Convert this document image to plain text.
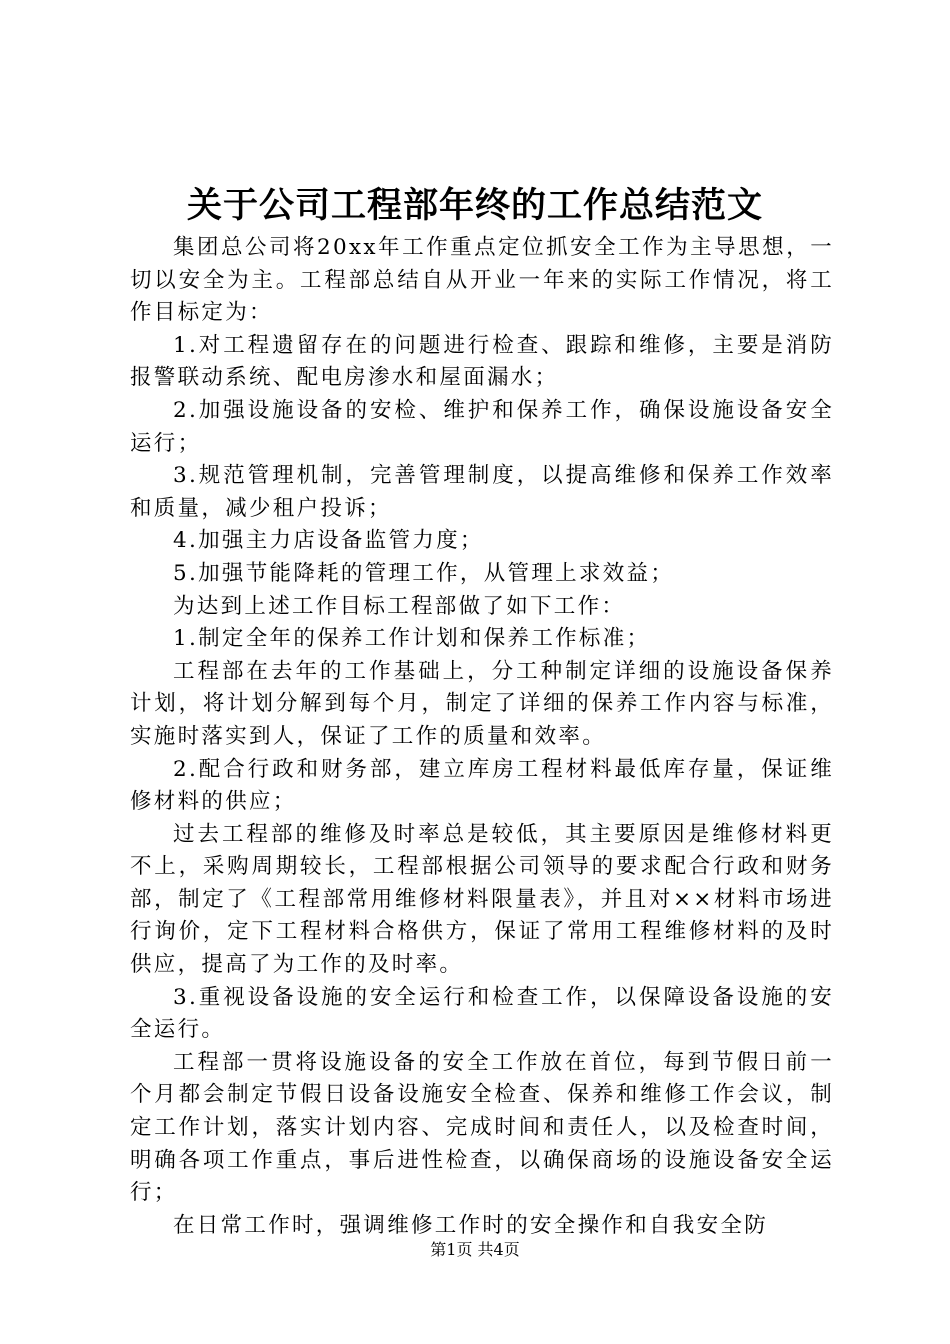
关于公司工程部年终的工作总结范文

集团总公司将20xx年工作重点定位抓安全工作为主导思想，一切以安全为主。工程部总结自从开业一年来的实际工作情况，将工作目标定为：

1.对工程遗留存在的问题进行检查、跟踪和维修，主要是消防报警联动系统、配电房渗水和屋面漏水；

2.加强设施设备的安检、维护和保养工作，确保设施设备安全运行；

3.规范管理机制，完善管理制度，以提高维修和保养工作效率和质量，减少租户投诉；

4.加强主力店设备监管力度；

5.加强节能降耗的管理工作，从管理上求效益；

为达到上述工作目标工程部做了如下工作：

1.制定全年的保养工作计划和保养工作标准；

工程部在去年的工作基础上，分工种制定详细的设施设备保养计划，将计划分解到每个月，制定了详细的保养工作内容与标准，实施时落实到人，保证了工作的质量和效率。

2.配合行政和财务部，建立库房工程材料最低库存量，保证维修材料的供应；

过去工程部的维修及时率总是较低，其主要原因是维修材料更不上，采购周期较长，工程部根据公司领导的要求配合行政和财务部，制定了《工程部常用维修材料限量表》，并且对××材料市场进行询价，定下工程材料合格供方，保证了常用工程维修材料的及时供应，提高了为工作的及时率。

3.重视设备设施的安全运行和检查工作，以保障设备设施的安全运行。

工程部一贯将设施设备的安全工作放在首位，每到节假日前一个月都会制定节假日设备设施安全检查、保养和维修工作会议，制定工作计划，落实计划内容、完成时间和责任人，以及检查时间，明确各项工作重点，事后进性检查，以确保商场的设施设备安全运行；

在日常工作时，强调维修工作时的安全操作和自我安全防

第1页 共4页
